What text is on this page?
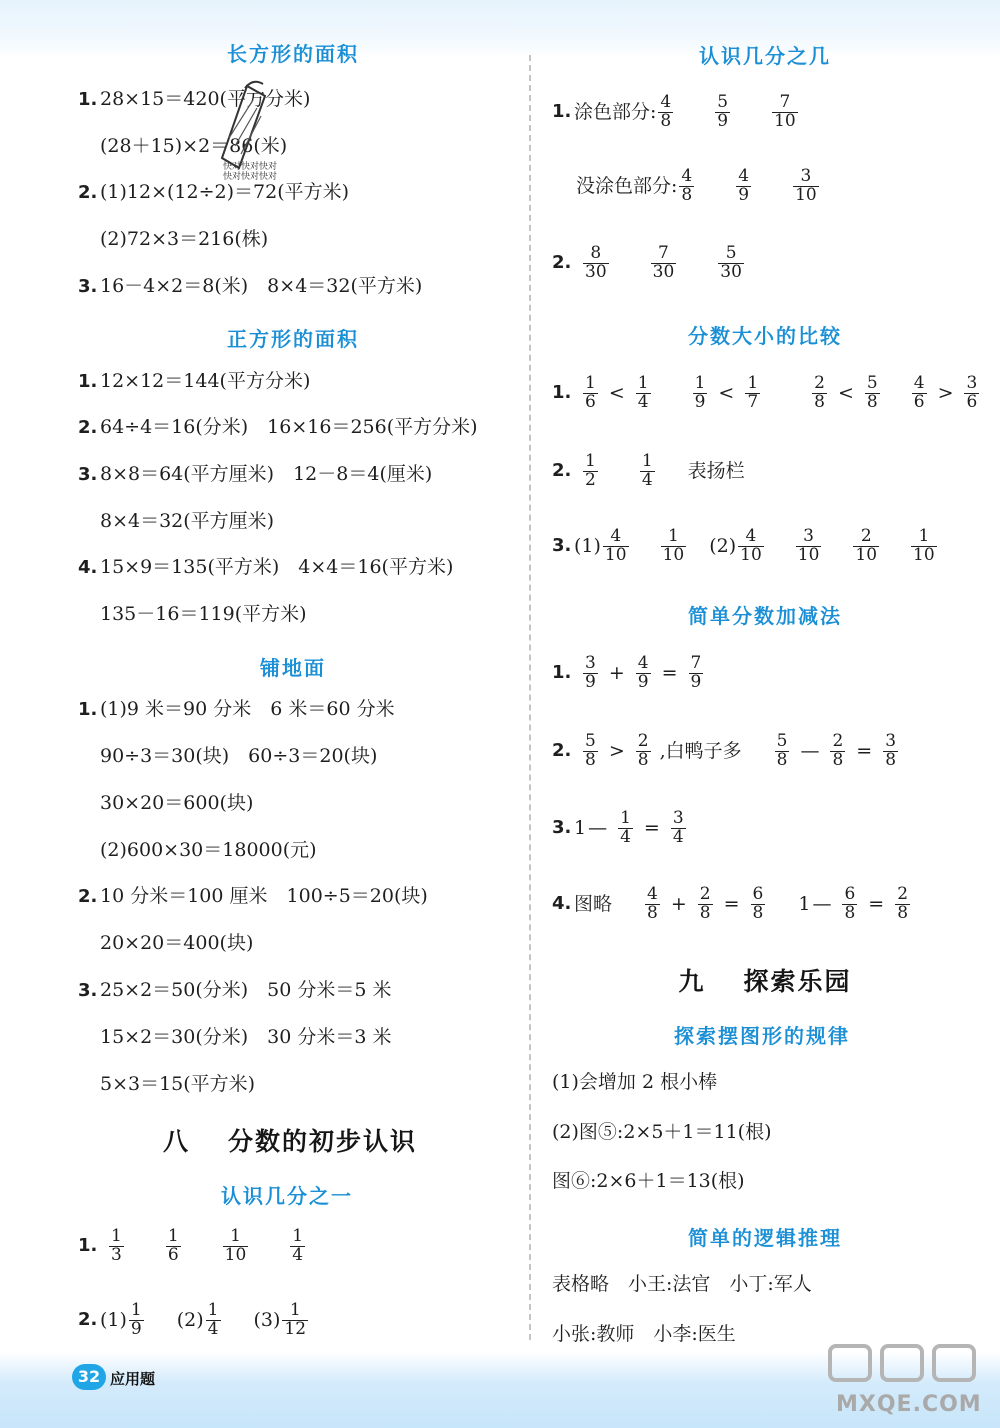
长方形的面积
1. 28×15＝420(平方分米)
(28＋15)×2＝86(米)
2. (1)12×(12÷2)＝72(平方米)
(2)72×3＝216(株)
3. 16－4×2＝8(米)　8×4＝32(平方米)
正方形的面积
1. 12×12＝144(平方分米)
2. 64÷4＝16(分米)　16×16＝256(平方分米)
3. 8×8＝64(平方厘米)　12－8＝4(厘米)
8×4＝32(平方厘米)
4. 15×9＝135(平方米)　4×4＝16(平方米)
135－16＝119(平方米)
铺地面
1. (1)9 米＝90 分米　6 米＝60 分米
90÷3＝30(块)　60÷3＝20(块)
30×20＝600(块)
(2)600×30＝18000(元)
2. 10 分米＝100 厘米　100÷5＝20(块)
20×20＝400(块)
3. 25×2＝50(分米)　50 分米＝5 米
15×2＝30(分米)　30 分米＝3 米
5×3＝15(平方米)
八 分数的初步认识
认识几分之一
1. $\frac{1}{3} \frac{1}{6} \frac{1}{10} \frac{1}{4}$
2. $(1) \frac{1}{9} (2) \frac{1}{4} (3) \frac{1}{12}$
快对快对快对
快对快对快对
认识几分之几
1. 涂色部分: $\frac{4}{8} \frac{5}{9} \frac{7}{10}$
没涂色部分: $\frac{4}{8} \frac{4}{9} \frac{3}{10}$
2. $\frac{8}{30} \frac{7}{30} \frac{5}{30}$
分数大小的比较
1. $\frac{1}{6} < \frac{1}{4} \frac{1}{9} < \frac{1}{7}$	$\frac{2}{8} < \frac{5}{8} \frac{4}{6} > \frac{3}{6}$
2. $\frac{1}{2} \frac{1}{4}$ 表扬栏
3. $(1) \frac{4}{10} \frac{1}{10} (2) \frac{4}{10} \frac{3}{10} \frac{2}{10} \frac{1}{10}$
简单分数加减法
1. $\frac{3}{9} + \frac{4}{9} = \frac{7}{9}$
2. $\frac{5}{8} > \frac{2}{8}$ ,白鸭子多 $\frac{5}{8}$ — $\frac{2}{8} = \frac{3}{8}$
3. 1 — $\frac{1}{4} = \frac{3}{4}$
4. 图略 $\frac{4}{8} + \frac{2}{8} = \frac{6}{8} 1$ — $\frac{6}{8} = \frac{2}{8}$
九 探索乐园
探索摆图形的规律
(1)会增加 2 根小棒
(2)图⑤:2×5＋1＝11(根)
图⑥:2×6＋1＝13(根)
简单的逻辑推理
表格略　小王:法官　小丁:军人
小张:教师　小李:医生
32 应用题
MXQE.COM
